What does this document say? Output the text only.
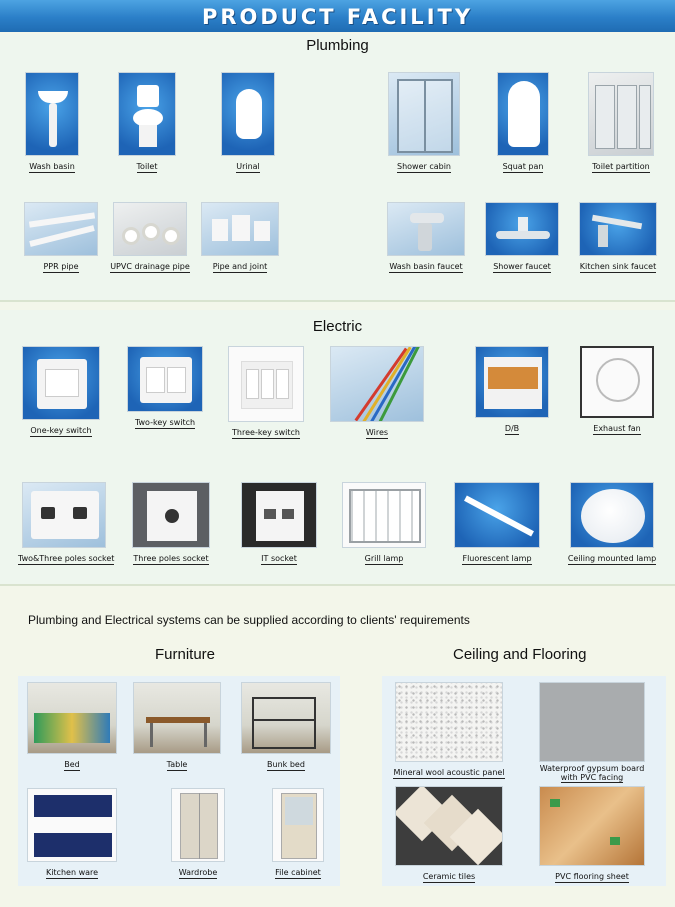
PRODUCT FACILITY
Plumbing
Wash basin	Toilet	Urinal	Shower cabin	Squat pan	Toilet partition
PPR pipe	UPVC drainage pipe	Pipe and joint	Wash basin faucet	Shower faucet	Kitchen sink faucet
Electric
One-key switch
Two-key switch
Three-key switch	Wires	D/B	Exhaust fan
Two&Three poles socket	Three poles socket	IT socket	Grill lamp	Fluorescent lamp	Ceiling mounted lamp
Plumbing and Electrical systems can be supplied according to clients' requirements
Furniture
Bed	Table	Bunk bed
Kitchen ware	Wardrobe	File cabinet
Ceiling and Flooring
Mineral wool acoustic panel	Waterproof gypsum board
with PVC facing
Ceramic tiles	PVC flooring sheet
